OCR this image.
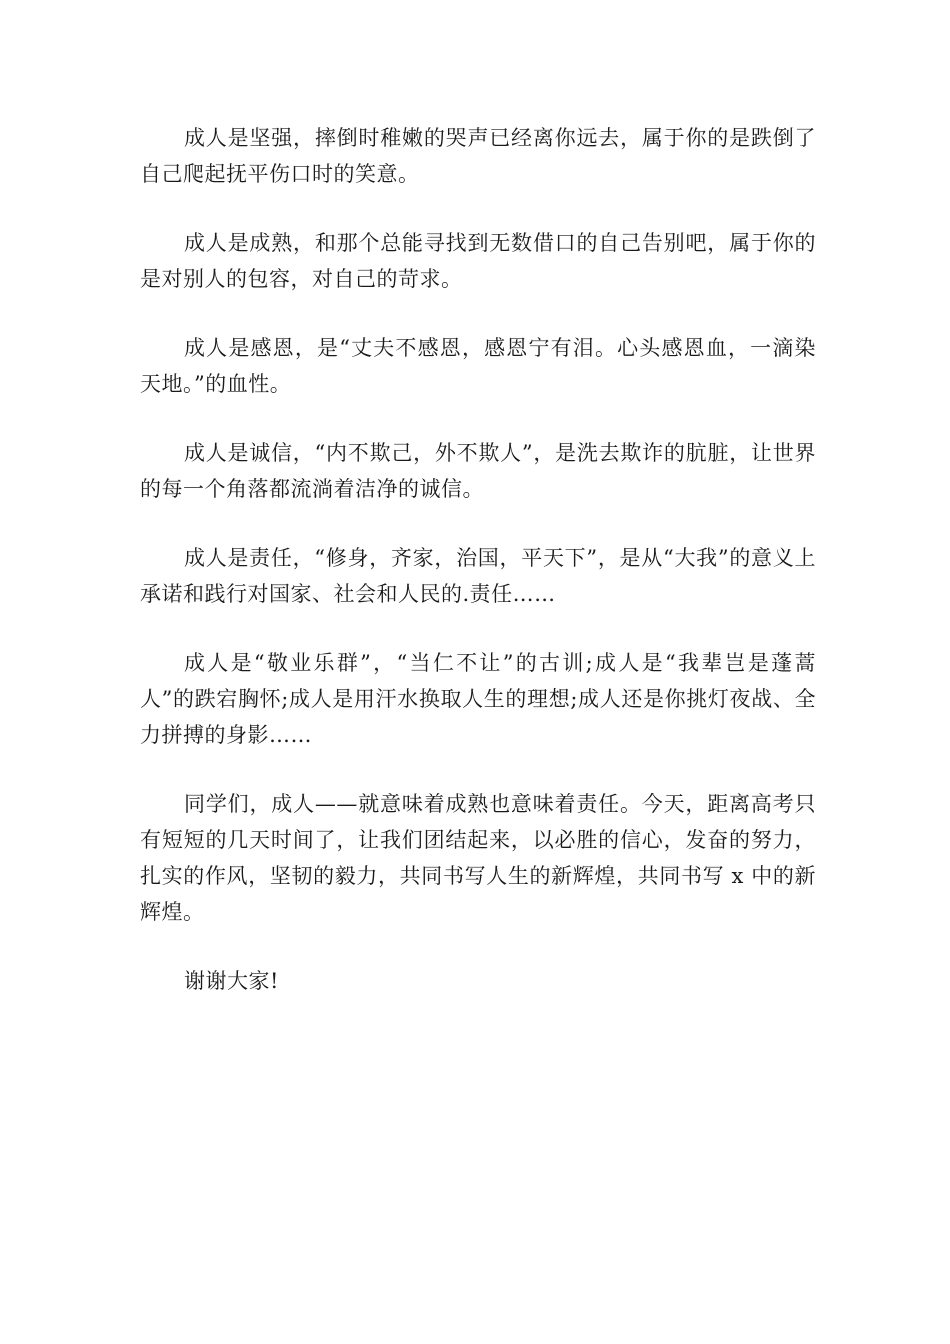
成人是坚强，摔倒时稚嫩的哭声已经离你远去，属于你的是跌倒了自己爬起抚平伤口时的笑意。

成人是成熟，和那个总能寻找到无数借口的自己告别吧，属于你的是对别人的包容，对自己的苛求。

成人是感恩，是“丈夫不感恩，感恩宁有泪。心头感恩血，一滴染天地。”的血性。

成人是诚信，“内不欺己，外不欺人”，是洗去欺诈的肮脏，让世界的每一个角落都流淌着洁净的诚信。

成人是责任，“修身，齐家，治国，平天下”，是从“大我”的意义上承诺和践行对国家、社会和人民的.责任……

成人是“敬业乐群”，“当仁不让”的古训;成人是“我辈岂是蓬蒿人”的跌宕胸怀;成人是用汗水换取人生的理想;成人还是你挑灯夜战、全力拼搏的身影……

同学们，成人——就意味着成熟也意味着责任。今天，距离高考只有短短的几天时间了，让我们团结起来，以必胜的信心，发奋的努力，扎实的作风，坚韧的毅力，共同书写人生的新辉煌，共同书写 x 中的新辉煌。

谢谢大家!
